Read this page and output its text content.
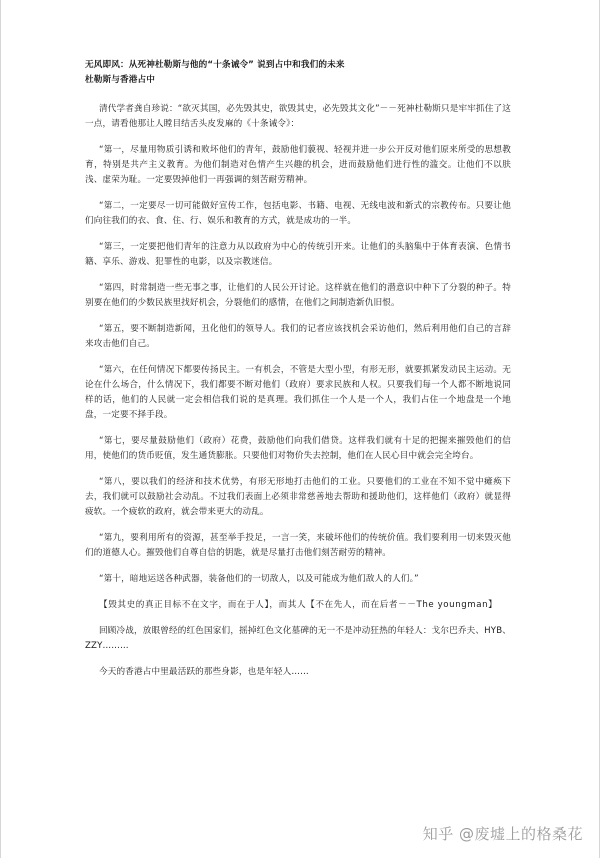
无风即风：从死神杜勒斯与他的“十条诫令” 说到占中和我们的未来

杜勒斯与香港占中

清代学者龚自珍说：“欲灭其国，必先毁其史，欲毁其史，必先毁其文化”－－死神杜勒斯只是牢牢抓住了这一点，请看他那让人瞠目结舌头皮发麻的《十条诫令》：

“第一，尽量用物质引诱和败坏他们的青年，鼓励他们藐视、轻视并进一步公开反对他们原来所受的思想教育，特别是共产主义教育。为他们制造对色情产生兴趣的机会，进而鼓励他们进行性的滥交。让他们不以肤浅、虚荣为耻。一定要毁掉他们一再强调的刻苦耐劳精神。

“第二，一定要尽一切可能做好宣传工作，包括电影、书籍、电视、无线电波和新式的宗教传布。只要让他们向往我们的衣、食、住、行、娱乐和教育的方式，就是成功的一半。

“第三，一定要把他们青年的注意力从以政府为中心的传统引开来。让他们的头脑集中于体育表演、色情书籍、享乐、游戏、犯罪性的电影，以及宗教迷信。

“第四，时常制造一些无事之事，让他们的人民公开讨论。这样就在他们的潜意识中种下了分裂的种子。特别要在他们的少数民族里找好机会，分裂他们的感情，在他们之间制造新仇旧恨。

“第五，要不断制造新闻，丑化他们的领导人。我们的记者应该找机会采访他们，然后利用他们自己的言辞来攻击他们自己。

“第六，在任何情况下都要传扬民主。一有机会，不管是大型小型，有形无形，就要抓紧发动民主运动。无论在什么场合，什么情况下，我们都要不断对他们（政府）要求民族和人权。只要我们每一个人都不断地说同样的话，他们的人民就一定会相信我们说的是真理。我们抓住一个人是一个人，我们占住一个地盘是一个地盘，一定要不择手段。

“第七，要尽量鼓励他们（政府）花费，鼓励他们向我们借贷。这样我们就有十足的把握来摧毁他们的信用，使他们的货币贬值，发生通货膨胀。只要他们对物价失去控制，他们在人民心目中就会完全垮台。

“第八，要以我们的经济和技术优势，有形无形地打击他们的工业。只要他们的工业在不知不觉中瘫痪下去，我们就可以鼓励社会动乱。不过我们表面上必须非常慈善地去帮助和援助他们，这样他们（政府）就显得疲软。一个疲软的政府，就会带来更大的动乱。

“第九，要利用所有的资源，甚至举手投足，一言一笑，来破坏他们的传统价值。我们要利用一切来毁灭他们的道德人心。摧毁他们自尊自信的钥匙，就是尽量打击他们刻苦耐劳的精神。

“第十，暗地运送各种武器，装备他们的一切敌人，以及可能成为他们敌人的人们。”

【毁其史的真正目标不在文字，而在于人】，而其人【不在先人，而在后者－－The youngman】

回顾冷战，放眼曾经的红色国家们，摇掉红色文化墓碑的无一不是冲动狂热的年轻人：戈尔巴乔夫、HYB、ZZY………

今天的香港占中里最活跃的那些身影，也是年轻人……

知乎 @废墟上的格桑花
